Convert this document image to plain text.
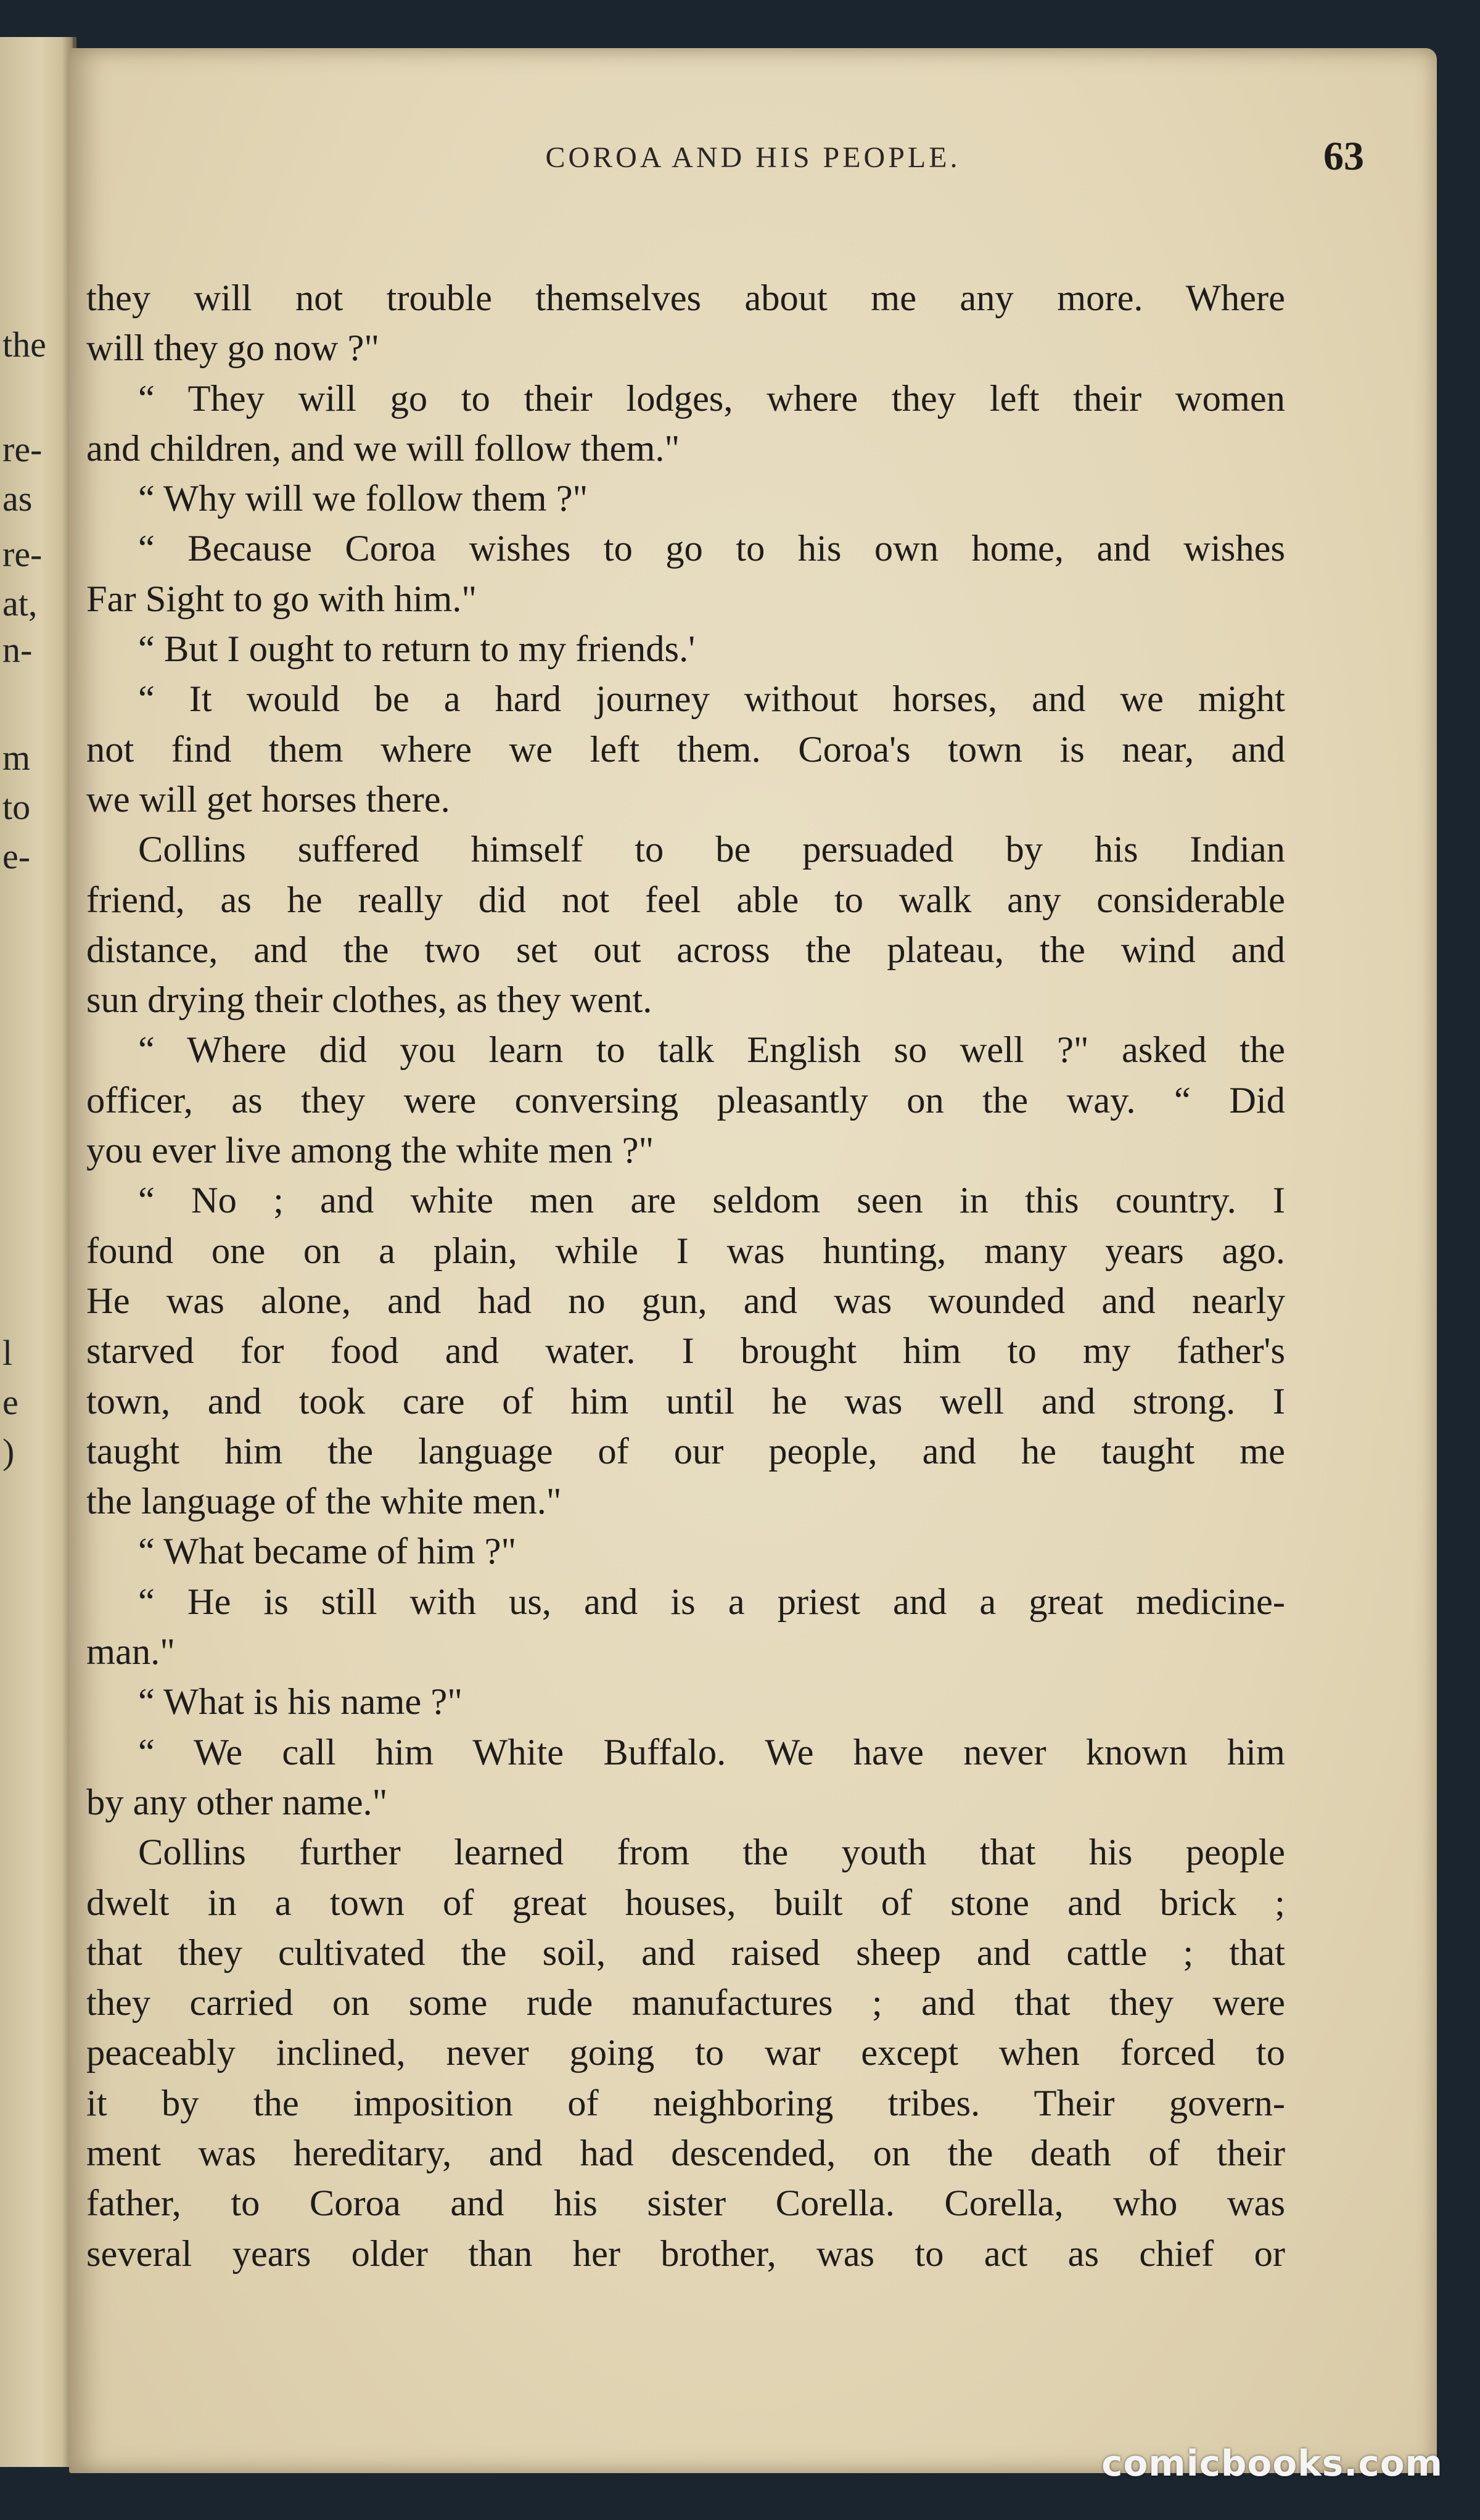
the
re-
as
re-
at,
n-
m
to
e-
l
e
)
COROA AND HIS PEOPLE.	63
they will not trouble themselves about me any more. Where
will they go now ?"
“ They will go to their lodges, where they left their women
and children, and we will follow them."
“ Why will we follow them ?"
“ Because Coroa wishes to go to his own home, and wishes
Far Sight to go with him."
“ But I ought to return to my friends.'
“ It would be a hard journey without horses, and we might
not find them where we left them. Coroa's town is near, and
we will get horses there.
Collins suffered himself to be persuaded by his Indian
friend, as he really did not feel able to walk any considerable
distance, and the two set out across the plateau, the wind and
sun drying their clothes, as they went.
“ Where did you learn to talk English so well ?" asked the
officer, as they were conversing pleasantly on the way. “ Did
you ever live among the white men ?"
“ No ; and white men are seldom seen in this country. I
found one on a plain, while I was hunting, many years ago.
He was alone, and had no gun, and was wounded and nearly
starved for food and water. I brought him to my father's
town, and took care of him until he was well and strong. I
taught him the language of our people, and he taught me
the language of the white men."
“ What became of him ?"
“ He is still with us, and is a priest and a great medicine-
man."
“ What is his name ?"
“ We call him White Buffalo. We have never known him
by any other name."
Collins further learned from the youth that his people
dwelt in a town of great houses, built of stone and brick ;
that they cultivated the soil, and raised sheep and cattle ; that
they carried on some rude manufactures ; and that they were
peaceably inclined, never going to war except when forced to
it by the imposition of neighboring tribes. Their govern-
ment was hereditary, and had descended, on the death of their
father, to Coroa and his sister Corella. Corella, who was
several years older than her brother, was to act as chief or
comicbooks.com
